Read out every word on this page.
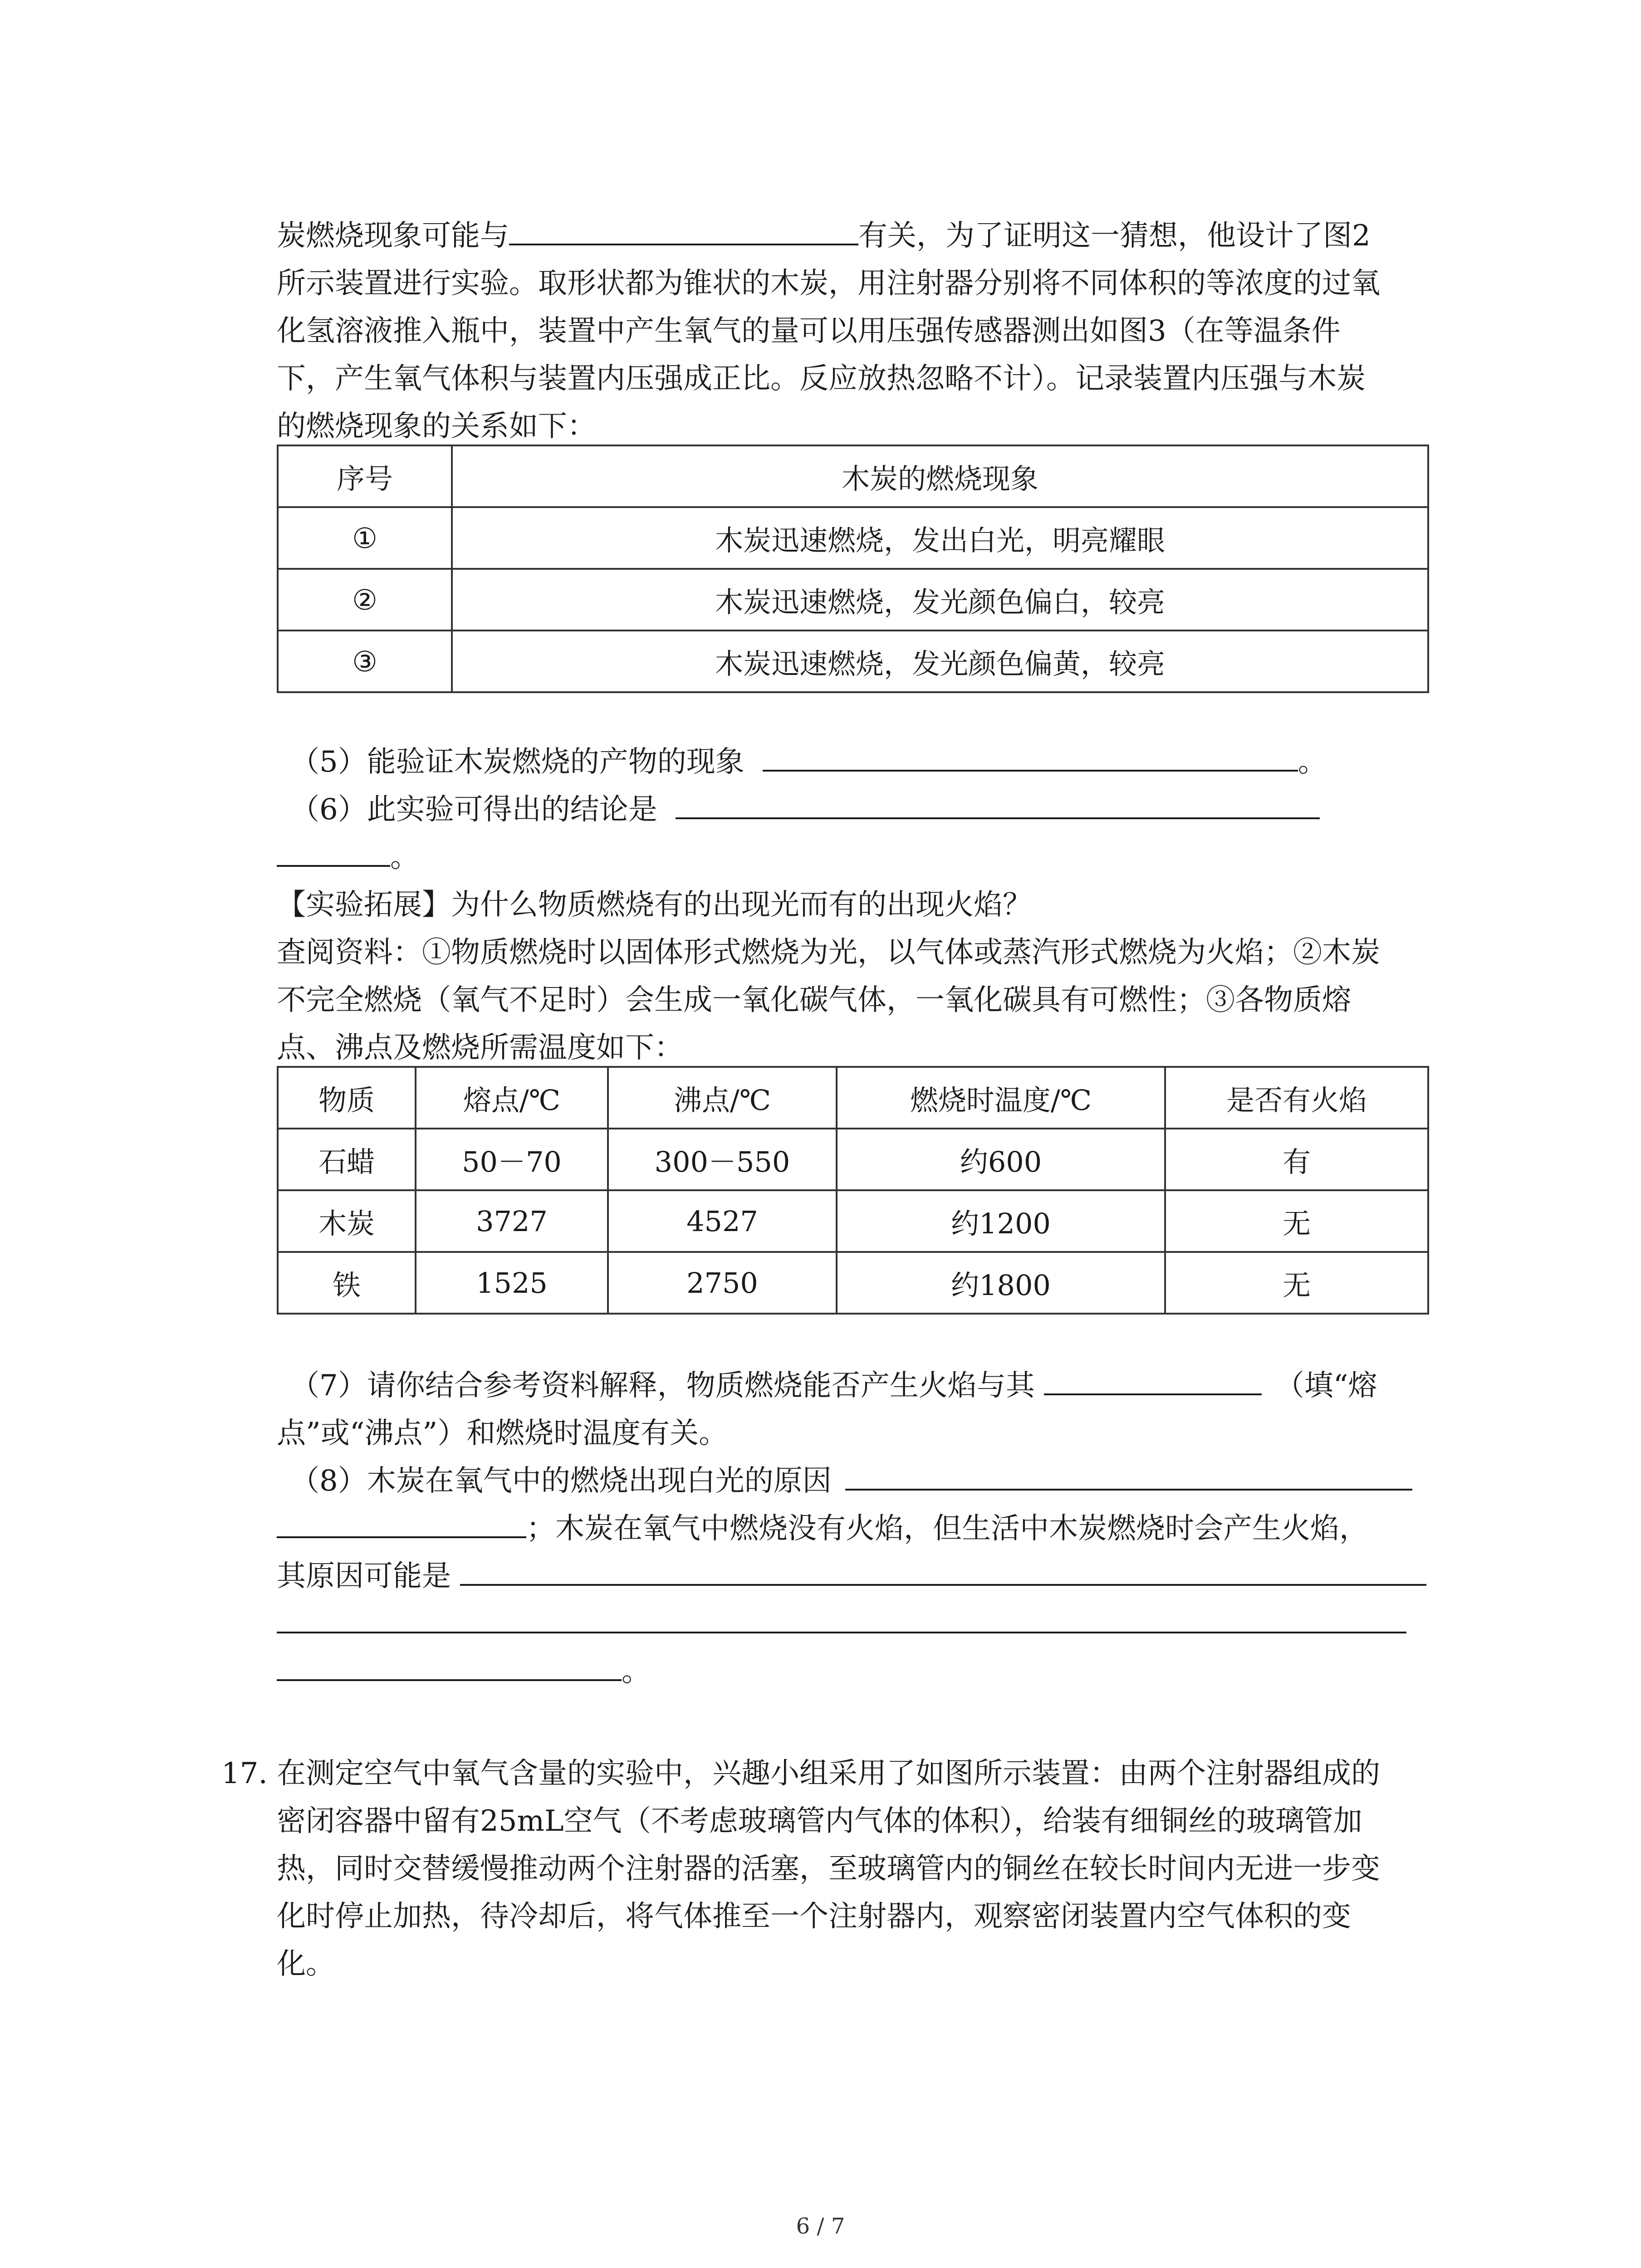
炭燃烧现象可能与	有关，为了证明这一猜想，他设计了图2
所示装置进行实验。取形状都为锥状的木炭，用注射器分别将不同体积的等浓度的过氧
化氢溶液推入瓶中，装置中产生氧气的量可以用压强传感器测出如图3（在等温条件
下，产生氧气体积与装置内压强成正比。反应放热忽略不计）。记录装置内压强与木炭
的燃烧现象的关系如下：
序号	木炭的燃烧现象
①	木炭迅速燃烧，发出白光，明亮耀眼
②	木炭迅速燃烧，发光颜色偏白，较亮
③	木炭迅速燃烧，发光颜色偏黄，较亮
（5）能验证木炭燃烧的产物的现象	。
（6）此实验可得出的结论是
。
【实验拓展】为什么物质燃烧有的出现光而有的出现火焰？
查阅资料：①物质燃烧时以固体形式燃烧为光，以气体或蒸汽形式燃烧为火焰；②木炭
不完全燃烧（氧气不足时）会生成一氧化碳气体，一氧化碳具有可燃性；③各物质熔
点、沸点及燃烧所需温度如下：
物质	熔点/℃	沸点/℃	燃烧时温度/℃	是否有火焰
石蜡	50－70	300－550	约600	有
木炭	3727	4527	约1200	无
铁	1525	2750	约1800	无
（7）请你结合参考资料解释，物质燃烧能否产生火焰与其	（填“熔
点”或“沸点”）和燃烧时温度有关。
（8）木炭在氧气中的燃烧出现白光的原因
；木炭在氧气中燃烧没有火焰，但生活中木炭燃烧时会产生火焰，
其原因可能是
。
17. 在测定空气中氧气含量的实验中，兴趣小组采用了如图所示装置：由两个注射器组成的
密闭容器中留有25mL空气（不考虑玻璃管内气体的体积），给装有细铜丝的玻璃管加
热，同时交替缓慢推动两个注射器的活塞，至玻璃管内的铜丝在较长时间内无进一步变
化时停止加热，待冷却后，将气体推至一个注射器内，观察密闭装置内空气体积的变
化。
6 / 7
